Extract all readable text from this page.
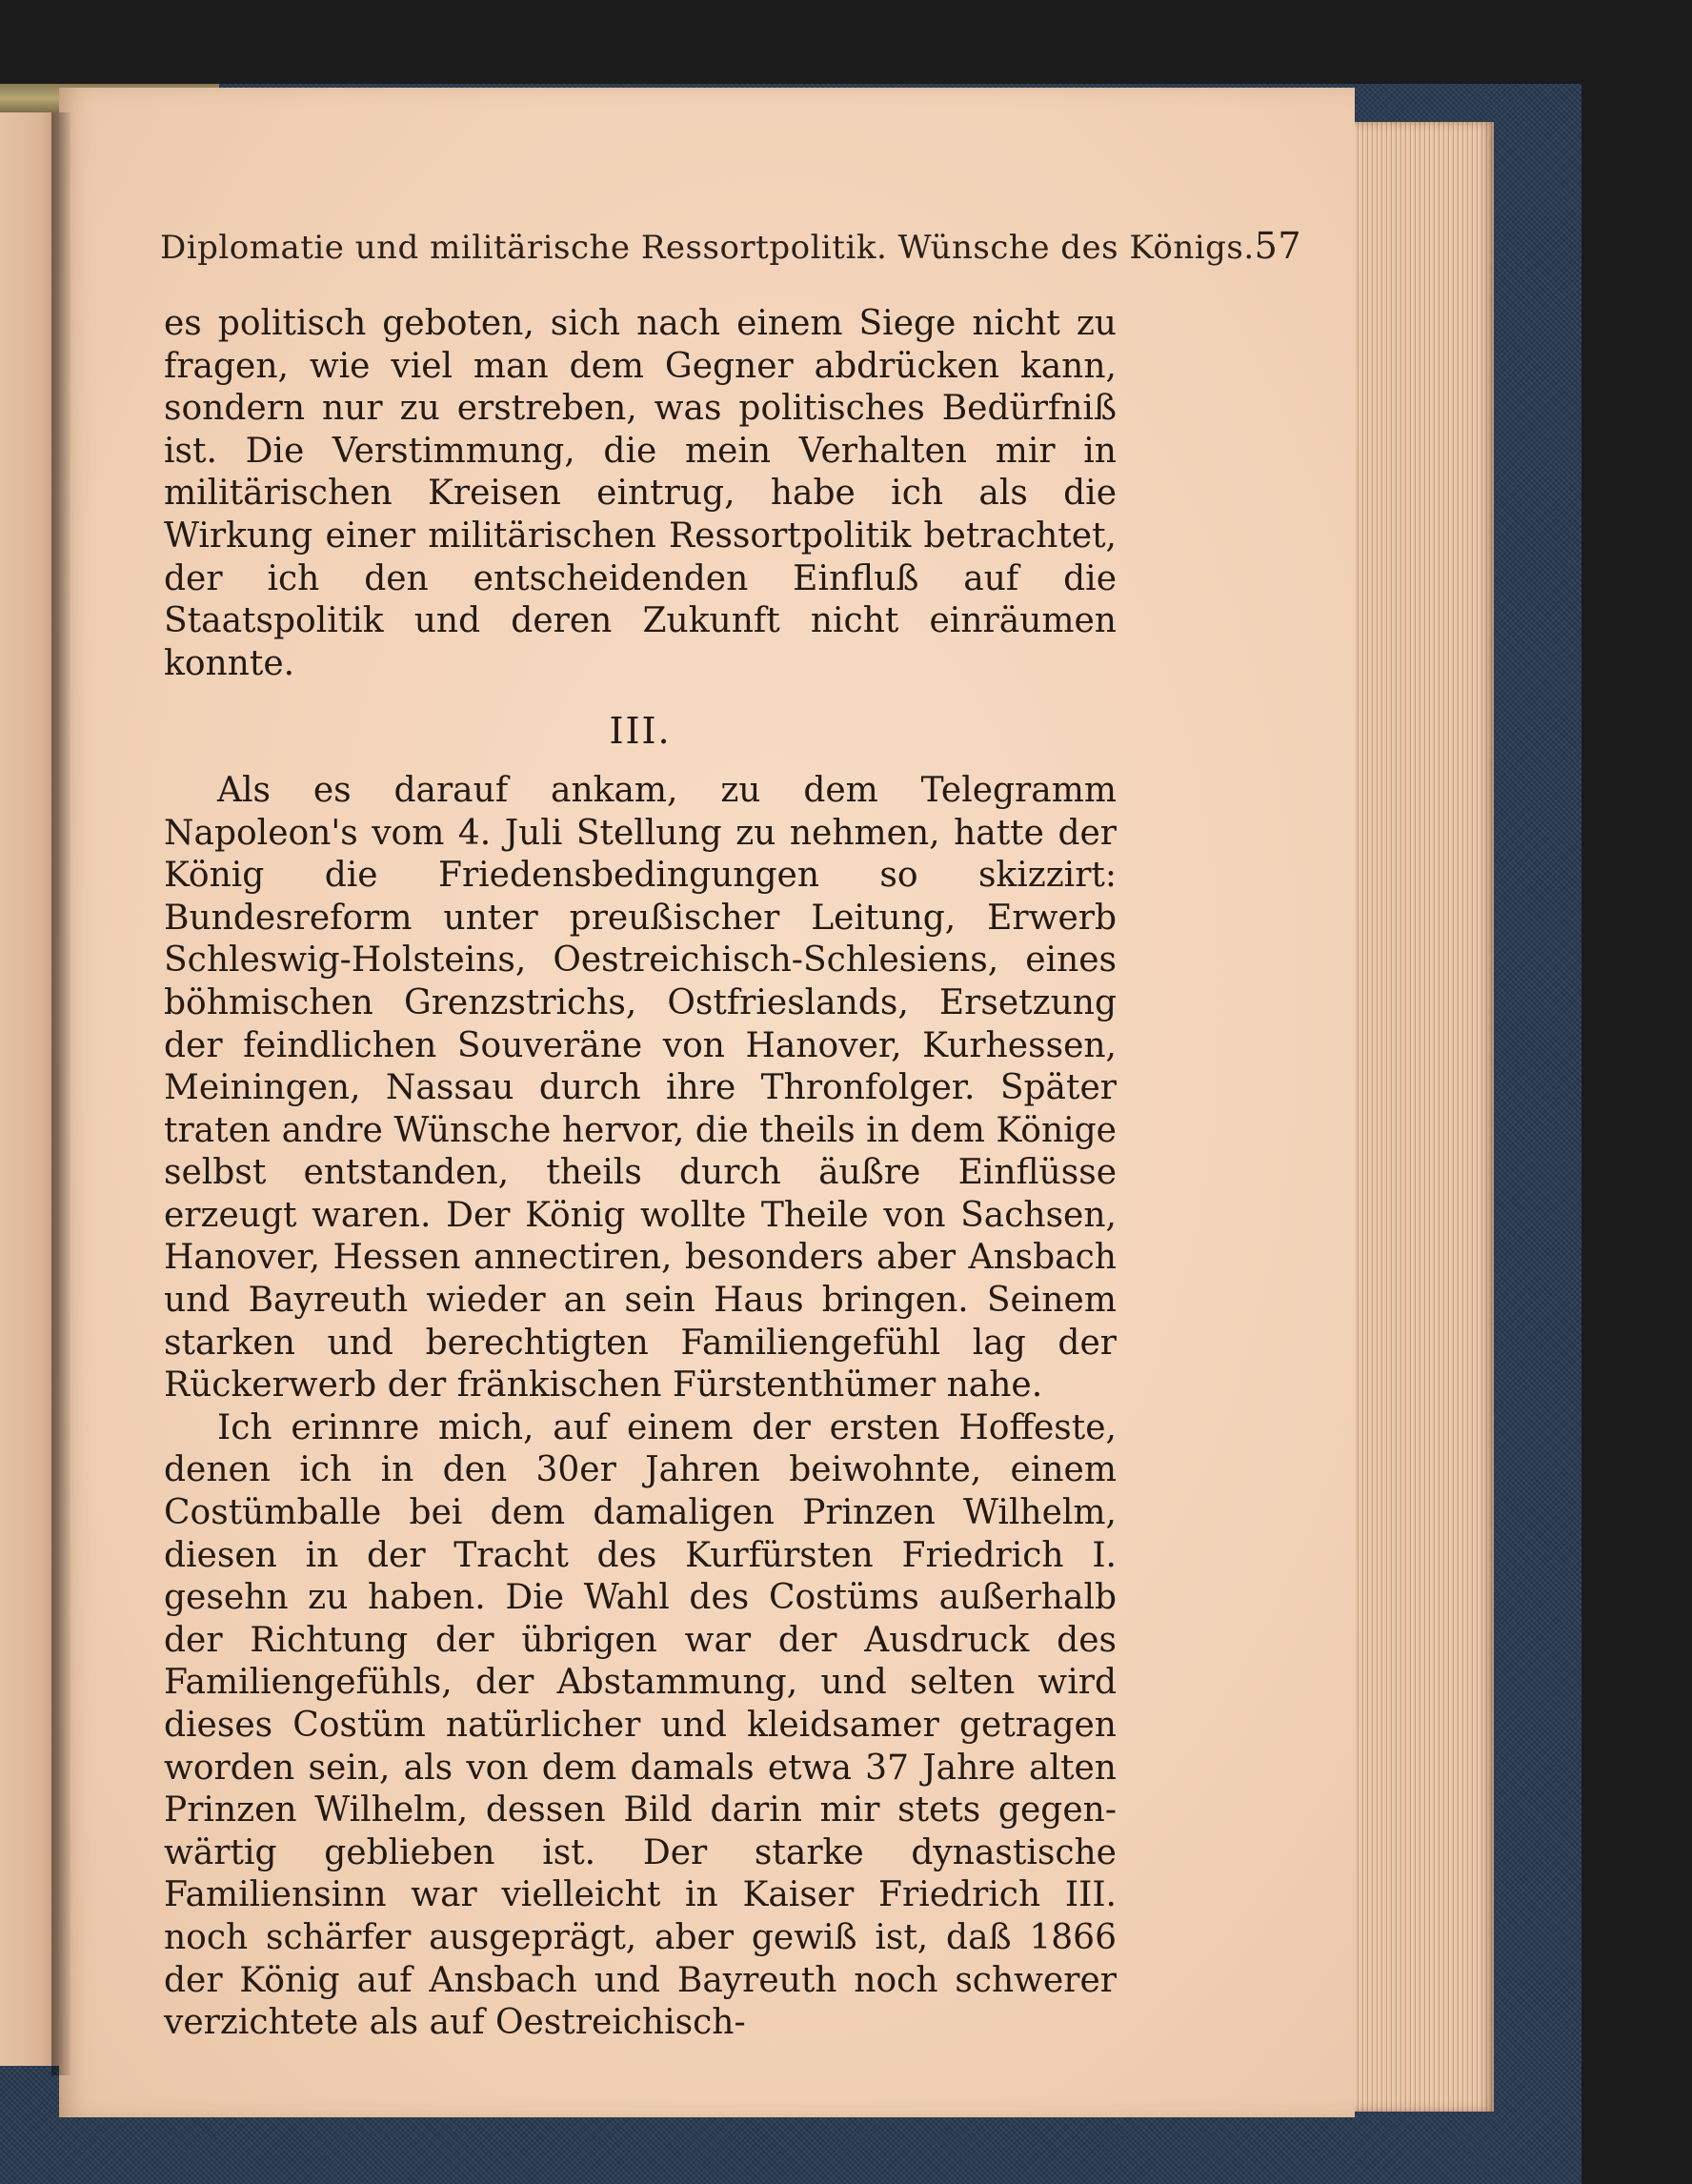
Diplomatie und militärische Ressortpolitik. Wünsche des Königs. 57

es politisch geboten, sich nach einem Siege nicht zu fragen, wie viel man dem Gegner abdrücken kann, sondern nur zu erstreben, was politisches Bedürfniß ist. Die Verstimmung, die mein Verhalten mir in militärischen Kreisen eintrug, habe ich als die Wirkung einer militärischen Ressortpolitik betrachtet, der ich den entscheidenden Einfluß auf die Staatspolitik und deren Zukunft nicht einräumen konnte.

III.

Als es darauf ankam, zu dem Telegramm Napoleon's vom 4. Juli Stellung zu nehmen, hatte der König die Friedensbedingungen so skizzirt: Bundesreform unter preußischer Leitung, Erwerb Schleswig-Holsteins, Oestreichisch-Schlesiens, eines böhmischen Grenzstrichs, Ostfrieslands, Ersetzung der feindlichen Souveräne von Hanover, Kurhessen, Meiningen, Nassau durch ihre Thronfolger. Später traten andre Wünsche hervor, die theils in dem Könige selbst entstanden, theils durch äußre Einflüsse erzeugt waren. Der König wollte Theile von Sachsen, Hanover, Hessen annectiren, besonders aber Ansbach und Bayreuth wieder an sein Haus bringen. Seinem starken und berechtigten Familiengefühl lag der Rückerwerb der fränkischen Fürstenthümer nahe.

Ich erinnre mich, auf einem der ersten Hoffeste, denen ich in den 30er Jahren beiwohnte, einem Costümballe bei dem damaligen Prinzen Wilhelm, diesen in der Tracht des Kurfürsten Friedrich I. gesehn zu haben. Die Wahl des Costüms außerhalb der Richtung der übrigen war der Ausdruck des Familiengefühls, der Abstammung, und selten wird dieses Costüm natürlicher und kleidsamer getragen worden sein, als von dem damals etwa 37 Jahre alten Prinzen Wilhelm, dessen Bild darin mir stets gegenwärtig geblieben ist. Der starke dynastische Familiensinn war vielleicht in Kaiser Friedrich III. noch schärfer ausgeprägt, aber gewiß ist, daß 1866 der König auf Ansbach und Bayreuth noch schwerer verzichtete als auf Oestreichisch-
